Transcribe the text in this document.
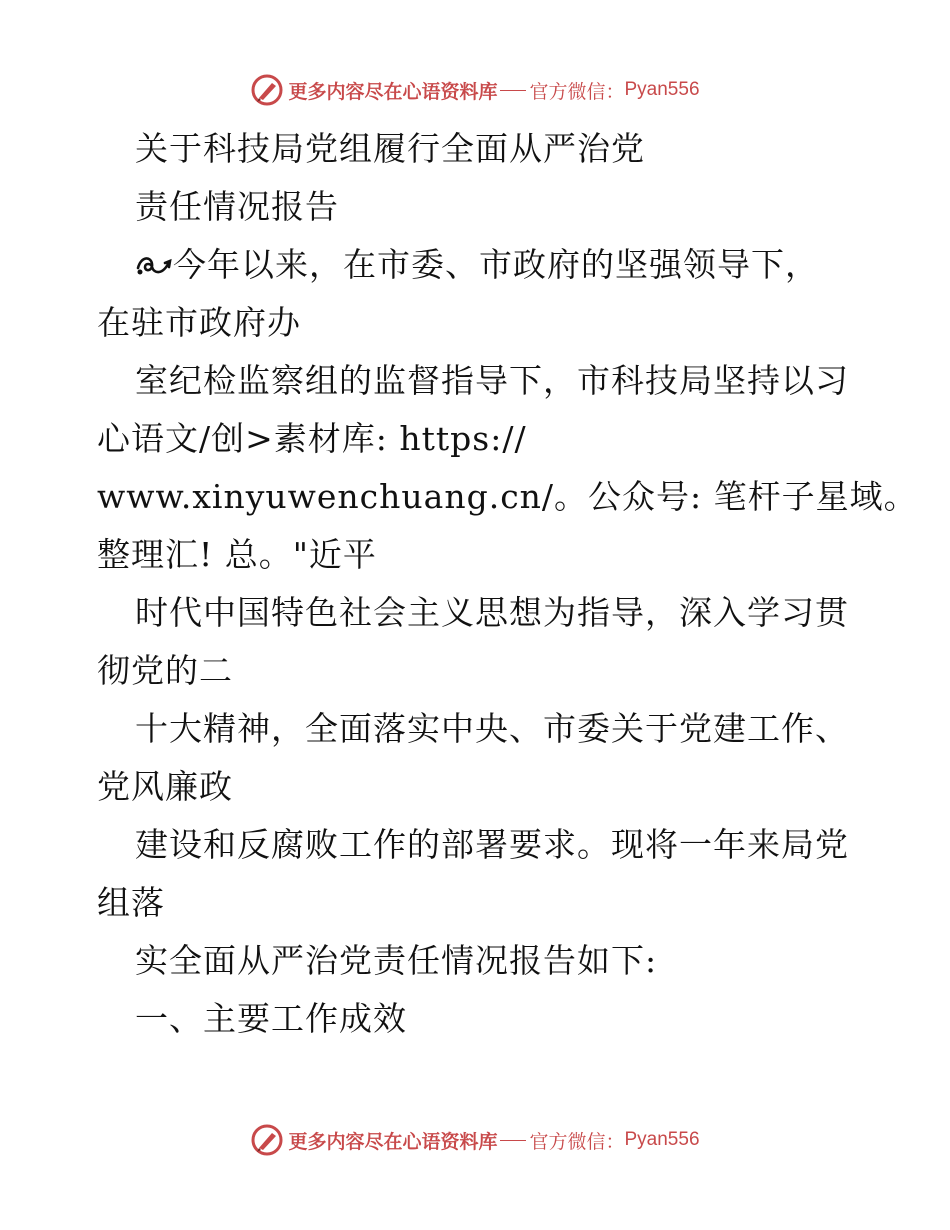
更多内容尽在心语资料库 官方微信： Pyan556
关于科技局党组履行全面从严治党
责任情况报告
今年以来，在市委、市政府的坚强领导下，
在驻市政府办
室纪检监察组的监督指导下，市科技局坚持以习
心语文/创>素材库: https://
www.xinyuwenchuang.cn/。公众号: 笔杆子星域。
整理汇! 总。"近平
时代中国特色社会主义思想为指导，深入学习贯
彻党的二
十大精神，全面落实中央、市委关于党建工作、
党风廉政
建设和反腐败工作的部署要求。现将一年来局党
组落
实全面从严治党责任情况报告如下:
一、主要工作成效
更多内容尽在心语资料库 官方微信： Pyan556
